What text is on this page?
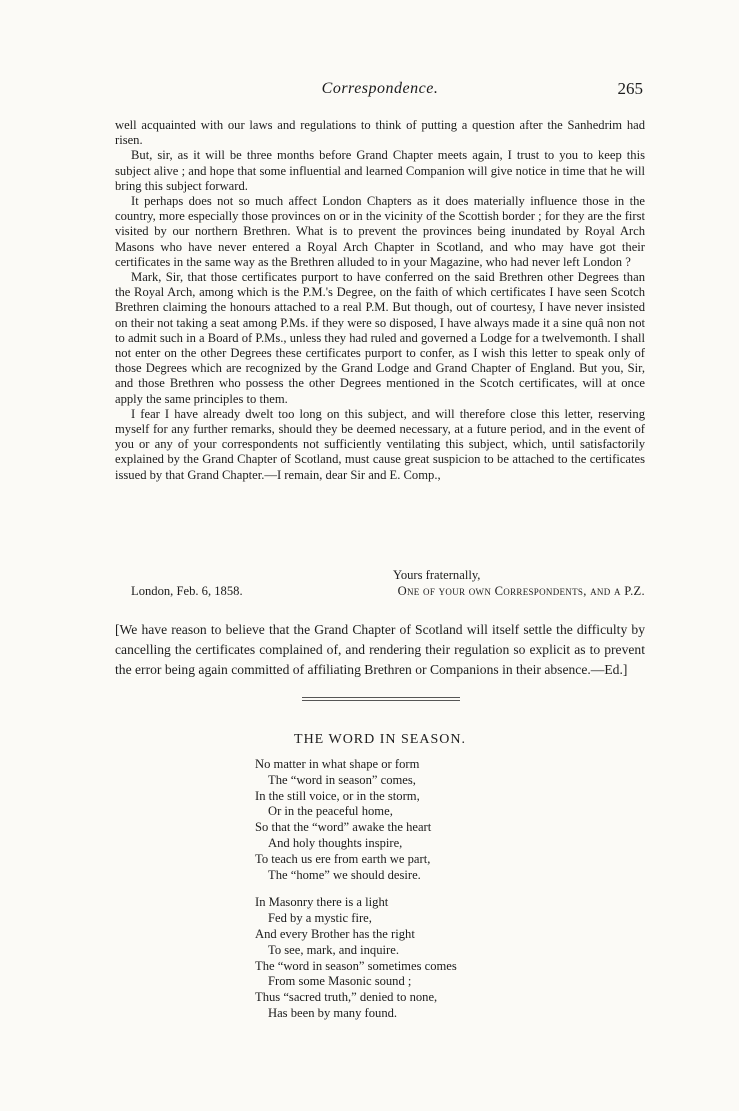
Correspondence.	265

well acquainted with our laws and regulations to think of putting a question after the Sanhedrim had risen.

But, sir, as it will be three months before Grand Chapter meets again, I trust to you to keep this subject alive ; and hope that some influential and learned Companion will give notice in time that he will bring this subject forward.

It perhaps does not so much affect London Chapters as it does materially influence those in the country, more especially those provinces on or in the vicinity of the Scottish border ; for they are the first visited by our northern Brethren. What is to prevent the provinces being inundated by Royal Arch Masons who have never entered a Royal Arch Chapter in Scotland, and who may have got their certificates in the same way as the Brethren alluded to in your Magazine, who had never left London ?

Mark, Sir, that those certificates purport to have conferred on the said Brethren other Degrees than the Royal Arch, among which is the P.M.'s Degree, on the faith of which certificates I have seen Scotch Brethren claiming the honours attached to a real P.M. But though, out of courtesy, I have never insisted on their not taking a seat among P.Ms. if they were so disposed, I have always made it a sine quâ non not to admit such in a Board of P.Ms., unless they had ruled and governed a Lodge for a twelvemonth. I shall not enter on the other Degrees these certificates purport to confer, as I wish this letter to speak only of those Degrees which are recognized by the Grand Lodge and Grand Chapter of England. But you, Sir, and those Brethren who possess the other Degrees mentioned in the Scotch certificates, will at once apply the same principles to them.

I fear I have already dwelt too long on this subject, and will therefore close this letter, reserving myself for any further remarks, should they be deemed necessary, at a future period, and in the event of you or any of your correspondents not sufficiently ventilating this subject, which, until satisfactorily explained by the Grand Chapter of Scotland, must cause great suspicion to be attached to the certificates issued by that Grand Chapter.—I remain, dear Sir and E. Comp.,

Yours fraternally,
London, Feb. 6, 1858.	One of your own Correspondents, and a P.Z.

[We have reason to believe that the Grand Chapter of Scotland will itself settle the difficulty by cancelling the certificates complained of, and rendering their regulation so explicit as to prevent the error being again committed of affiliating Brethren or Companions in their absence.—Ed.]

THE WORD IN SEASON.
No matter in what shape or form
The “word in season” comes,
In the still voice, or in the storm,
Or in the peaceful home,
So that the “word” awake the heart
And holy thoughts inspire,
To teach us ere from earth we part,
The “home” we should desire.
In Masonry there is a light
Fed by a mystic fire,
And every Brother has the right
To see, mark, and inquire.
The “word in season” sometimes comes
From some Masonic sound ;
Thus “sacred truth,” denied to none,
Has been by many found.
